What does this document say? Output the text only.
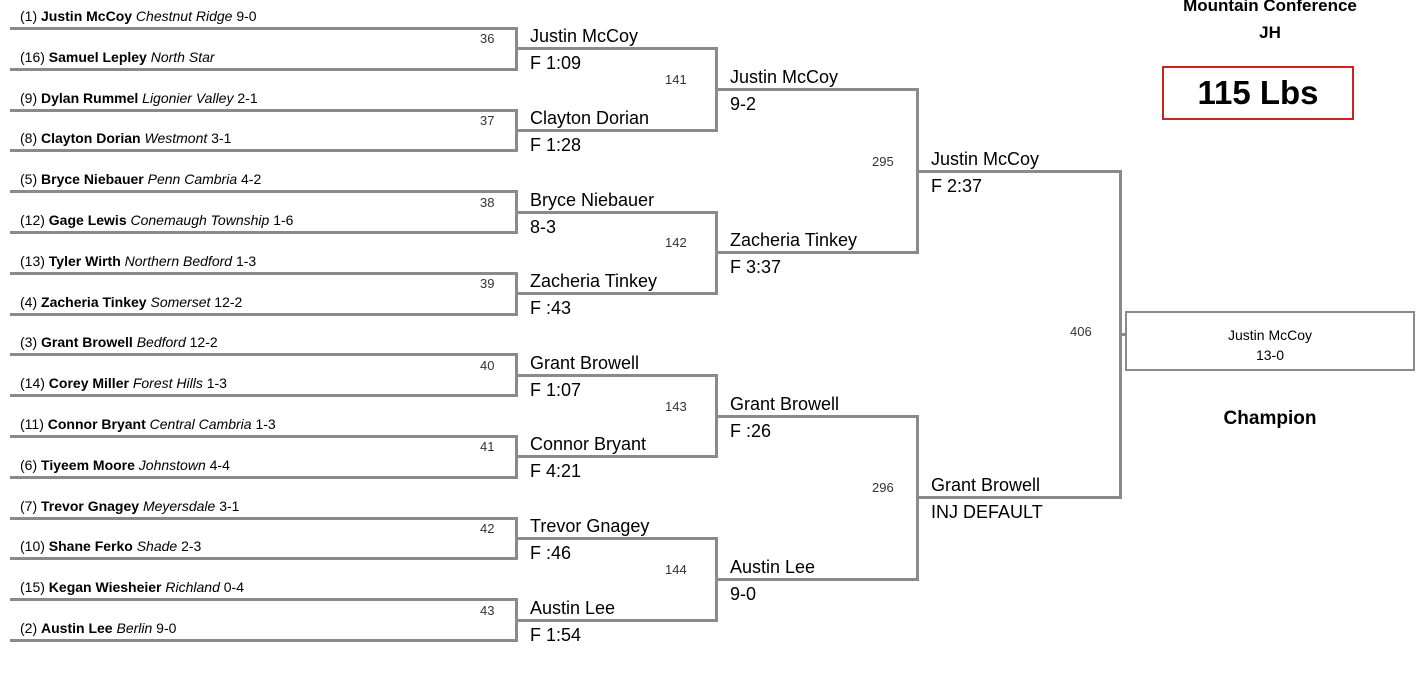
(1) Justin McCoy Chestnut Ridge 9-0
(16) Samuel Lepley North Star
(9) Dylan Rummel Ligonier Valley 2-1
(8) Clayton Dorian Westmont 3-1
(5) Bryce Niebauer Penn Cambria 4-2
(12) Gage Lewis Conemaugh Township 1-6
(13) Tyler Wirth Northern Bedford 1-3
(4) Zacheria Tinkey Somerset 12-2
(3) Grant Browell Bedford 12-2
(14) Corey Miller Forest Hills 1-3
(11) Connor Bryant Central Cambria 1-3
(6) Tiyeem Moore Johnstown 4-4
(7) Trevor Gnagey Meyersdale 3-1
(10) Shane Ferko Shade 2-3
(15) Kegan Wiesheier Richland 0-4
(2) Austin Lee Berlin 9-0
36 Justin McCoy
F 1:09
37 Clayton Dorian
F 1:28
38 Bryce Niebauer
8-3
39 Zacheria Tinkey
F :43
40 Grant Browell
F 1:07
41 Connor Bryant
F 4:21
42 Trevor Gnagey
F :46
43 Austin Lee
F 1:54
141 Justin McCoy
9-2
142 Zacheria Tinkey
F 3:37
143 Grant Browell
F :26
144 Austin Lee
9-0
295 Justin McCoy
F 2:37
296 Grant Browell
INJ DEFAULT
406
Mountain Conference
JH
115 Lbs
Justin McCoy
13-0
Champion
